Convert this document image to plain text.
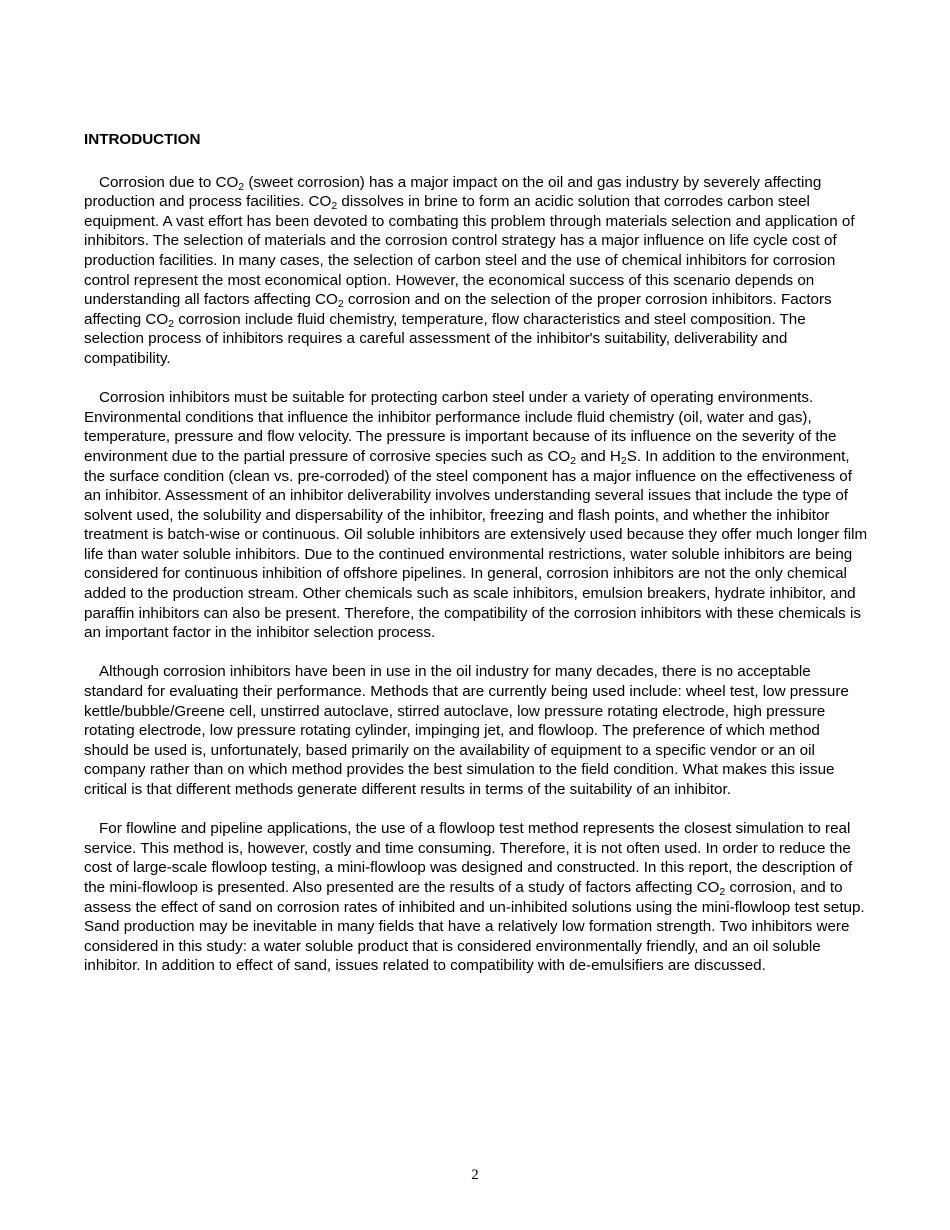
INTRODUCTION

Corrosion due to $CO_2$ (sweet corrosion) has a major impact on the oil and gas industry by severely affecting production and process facilities. $CO_2$ dissolves in brine to form an acidic solution that corrodes carbon steel equipment. A vast effort has been devoted to combating this problem through materials selection and application of inhibitors. The selection of materials and the corrosion control strategy has a major influence on life cycle cost of production facilities. In many cases, the selection of carbon steel and the use of chemical inhibitors for corrosion control represent the most economical option. However, the economical success of this scenario depends on understanding all factors affecting $CO_2$ corrosion and on the selection of the proper corrosion inhibitors. Factors affecting $CO_2$ corrosion include fluid chemistry, temperature, flow characteristics and steel composition. The selection process of inhibitors requires a careful assessment of the inhibitor's suitability, deliverability and compatibility.

Corrosion inhibitors must be suitable for protecting carbon steel under a variety of operating environments. Environmental conditions that influence the inhibitor performance include fluid chemistry (oil, water and gas), temperature, pressure and flow velocity. The pressure is important because of its influence on the severity of the environment due to the partial pressure of corrosive species such as $CO_2$ and $H_2S$. In addition to the environment, the surface condition (clean vs. pre-corroded) of the steel component has a major influence on the effectiveness of an inhibitor. Assessment of an inhibitor deliverability involves understanding several issues that include the type of solvent used, the solubility and dispersability of the inhibitor, freezing and flash points, and whether the inhibitor treatment is batch-wise or continuous. Oil soluble inhibitors are extensively used because they offer much longer film life than water soluble inhibitors. Due to the continued environmental restrictions, water soluble inhibitors are being considered for continuous inhibition of offshore pipelines. In general, corrosion inhibitors are not the only chemical added to the production stream. Other chemicals such as scale inhibitors, emulsion breakers, hydrate inhibitor, and paraffin inhibitors can also be present. Therefore, the compatibility of the corrosion inhibitors with these chemicals is an important factor in the inhibitor selection process.

Although corrosion inhibitors have been in use in the oil industry for many decades, there is no acceptable standard for evaluating their performance. Methods that are currently being used include: wheel test, low pressure kettle/bubble/Greene cell, unstirred autoclave, stirred autoclave, low pressure rotating electrode, high pressure rotating electrode, low pressure rotating cylinder, impinging jet, and flowloop. The preference of which method should be used is, unfortunately, based primarily on the availability of equipment to a specific vendor or an oil company rather than on which method provides the best simulation to the field condition. What makes this issue critical is that different methods generate different results in terms of the suitability of an inhibitor.

For flowline and pipeline applications, the use of a flowloop test method represents the closest simulation to real service. This method is, however, costly and time consuming. Therefore, it is not often used. In order to reduce the cost of large-scale flowloop testing, a mini-flowloop was designed and constructed. In this report, the description of the mini-flowloop is presented. Also presented are the results of a study of factors affecting $CO_2$ corrosion, and to assess the effect of sand on corrosion rates of inhibited and un-inhibited solutions using the mini-flowloop test setup. Sand production may be inevitable in many fields that have a relatively low formation strength. Two inhibitors were considered in this study: a water soluble product that is considered environmentally friendly, and an oil soluble inhibitor. In addition to effect of sand, issues related to compatibility with de-emulsifiers are discussed.

2
